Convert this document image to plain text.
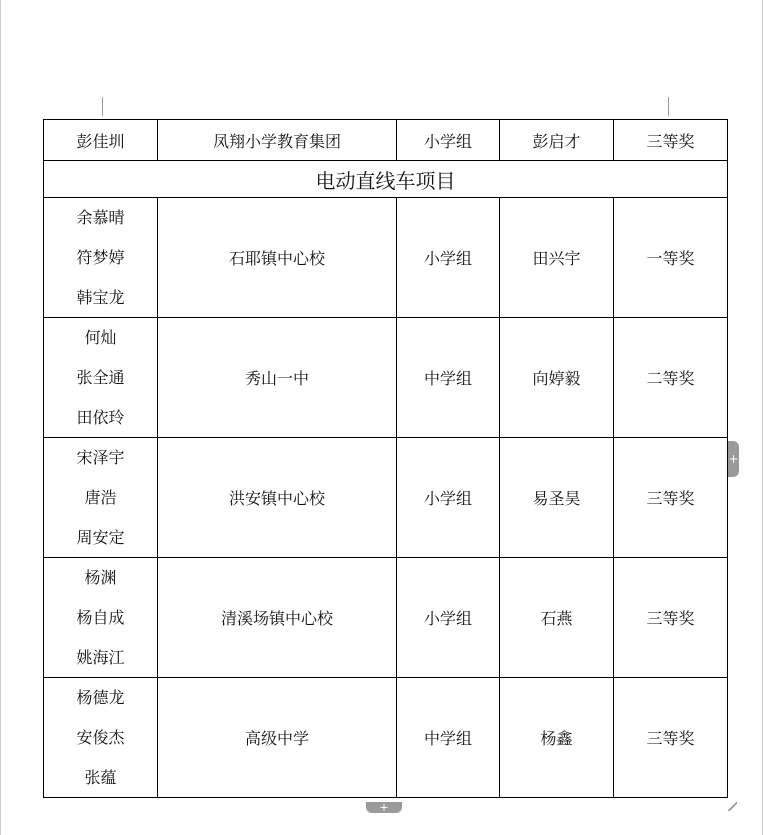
彭佳圳	凤翔小学教育集团	小学组	彭启才	三等奖
电动直线车项目				

余慕晴
符梦婷
韩宝龙	石耶镇中心校	小学组	田兴宇	一等奖

何灿
张全通
田依玲	秀山一中	中学组	向婷毅	二等奖

宋泽宇
唐浩
周安定	洪安镇中心校	小学组	易圣昊	三等奖

杨渊
杨自成
姚海江	清溪场镇中心校	小学组	石燕	三等奖

杨德龙
安俊杰
张蕴	高级中学	中学组	杨鑫	三等奖
+
+
